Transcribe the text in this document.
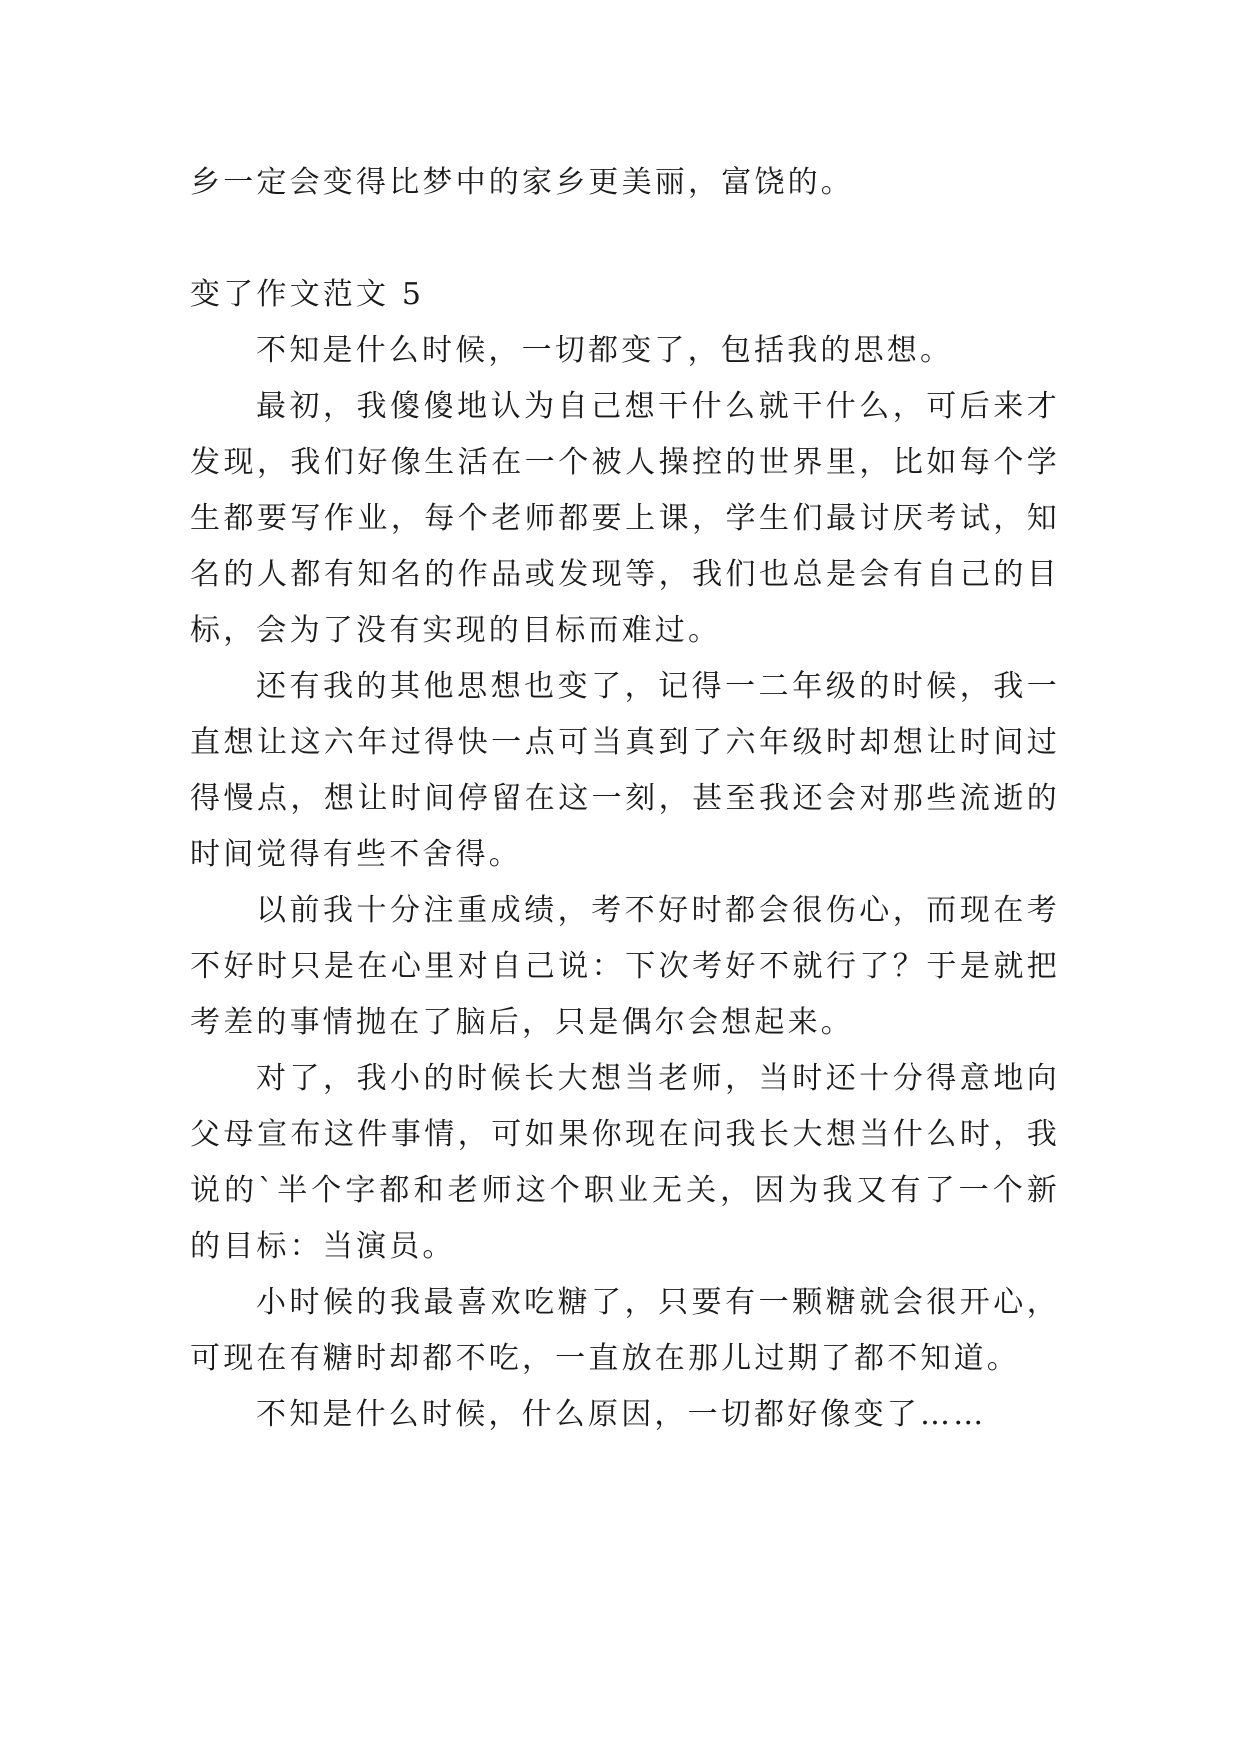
乡一定会变得比梦中的家乡更美丽，富饶的。

变了作文范文 5

不知是什么时候，一切都变了，包括我的思想。

最初，我傻傻地认为自己想干什么就干什么，可后来才发现，我们好像生活在一个被人操控的世界里，比如每个学生都要写作业，每个老师都要上课，学生们最讨厌考试，知名的人都有知名的作品或发现等，我们也总是会有自己的目标，会为了没有实现的目标而难过。

还有我的其他思想也变了，记得一二年级的时候，我一直想让这六年过得快一点可当真到了六年级时却想让时间过得慢点，想让时间停留在这一刻，甚至我还会对那些流逝的时间觉得有些不舍得。

以前我十分注重成绩，考不好时都会很伤心，而现在考不好时只是在心里对自己说：下次考好不就行了？于是就把考差的事情抛在了脑后，只是偶尔会想起来。

对了，我小的时候长大想当老师，当时还十分得意地向父母宣布这件事情，可如果你现在问我长大想当什么时，我说的`半个字都和老师这个职业无关，因为我又有了一个新的目标：当演员。

小时候的我最喜欢吃糖了，只要有一颗糖就会很开心，可现在有糖时却都不吃，一直放在那儿过期了都不知道。

不知是什么时候，什么原因，一切都好像变了……
